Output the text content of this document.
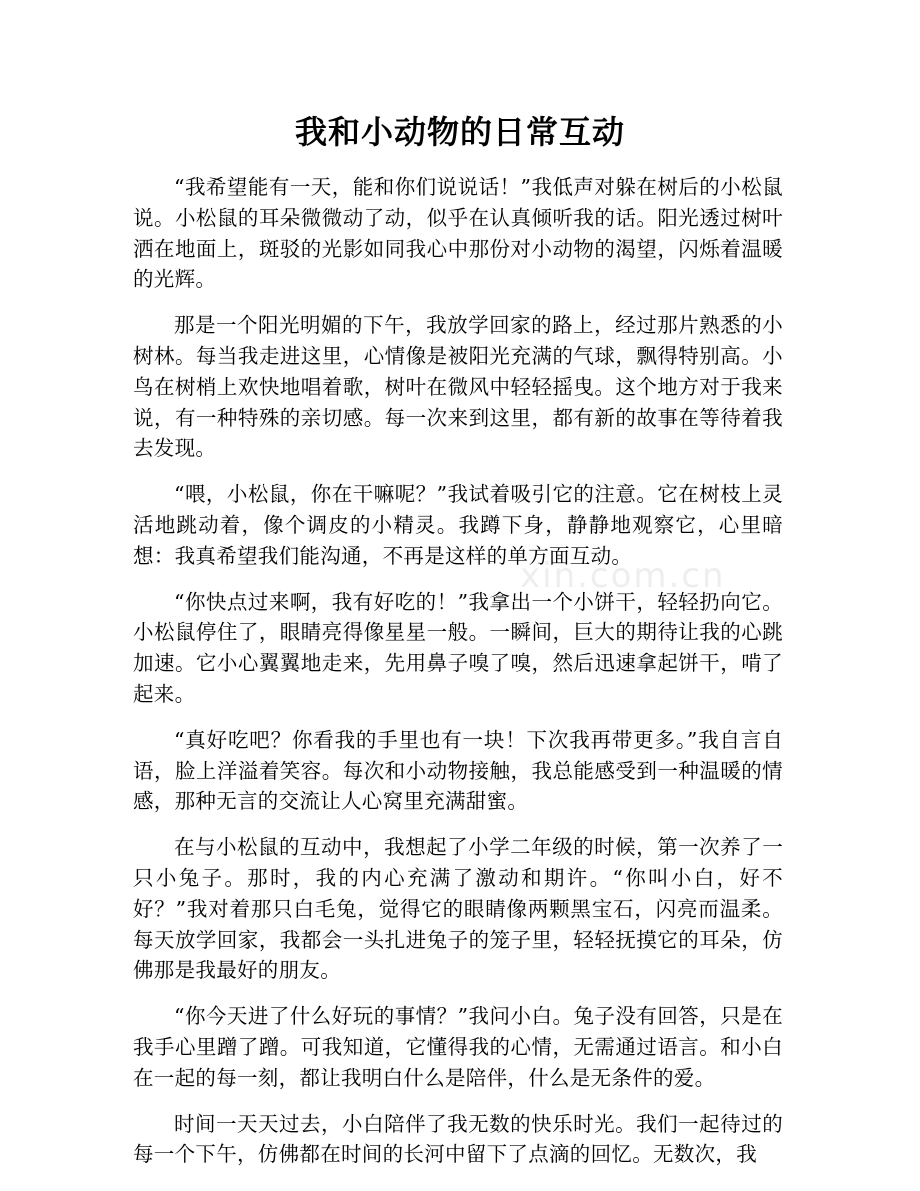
我和小动物的日常互动

“我希望能有一天，能和你们说说话！”我低声对躲在树后的小松鼠说。小松鼠的耳朵微微动了动，似乎在认真倾听我的话。阳光透过树叶洒在地面上，斑驳的光影如同我心中那份对小动物的渴望，闪烁着温暖的光辉。

那是一个阳光明媚的下午，我放学回家的路上，经过那片熟悉的小树林。每当我走进这里，心情像是被阳光充满的气球，飘得特别高。小鸟在树梢上欢快地唱着歌，树叶在微风中轻轻摇曳。这个地方对于我来说，有一种特殊的亲切感。每一次来到这里，都有新的故事在等待着我去发现。

“喂，小松鼠，你在干嘛呢？”我试着吸引它的注意。它在树枝上灵活地跳动着，像个调皮的小精灵。我蹲下身，静静地观察它，心里暗想：我真希望我们能沟通，不再是这样的单方面互动。

“你快点过来啊，我有好吃的！”我拿出一个小饼干，轻轻扔向它。小松鼠停住了，眼睛亮得像星星一般。一瞬间，巨大的期待让我的心跳加速。它小心翼翼地走来，先用鼻子嗅了嗅，然后迅速拿起饼干，啃了起来。

“真好吃吧？你看我的手里也有一块！下次我再带更多。”我自言自语，脸上洋溢着笑容。每次和小动物接触，我总能感受到一种温暖的情感，那种无言的交流让人心窝里充满甜蜜。

在与小松鼠的互动中，我想起了小学二年级的时候，第一次养了一只小兔子。那时，我的内心充满了激动和期许。“你叫小白，好不好？”我对着那只白毛兔，觉得它的眼睛像两颗黑宝石，闪亮而温柔。每天放学回家，我都会一头扎进兔子的笼子里，轻轻抚摸它的耳朵，仿佛那是我最好的朋友。

“你今天进了什么好玩的事情？”我问小白。兔子没有回答，只是在我手心里蹭了蹭。可我知道，它懂得我的心情，无需通过语言。和小白在一起的每一刻，都让我明白什么是陪伴，什么是无条件的爱。

时间一天天过去，小白陪伴了我无数的快乐时光。我们一起待过的每一个下午，仿佛都在时间的长河中留下了点滴的回忆。无数次，我

xin.com.cn
